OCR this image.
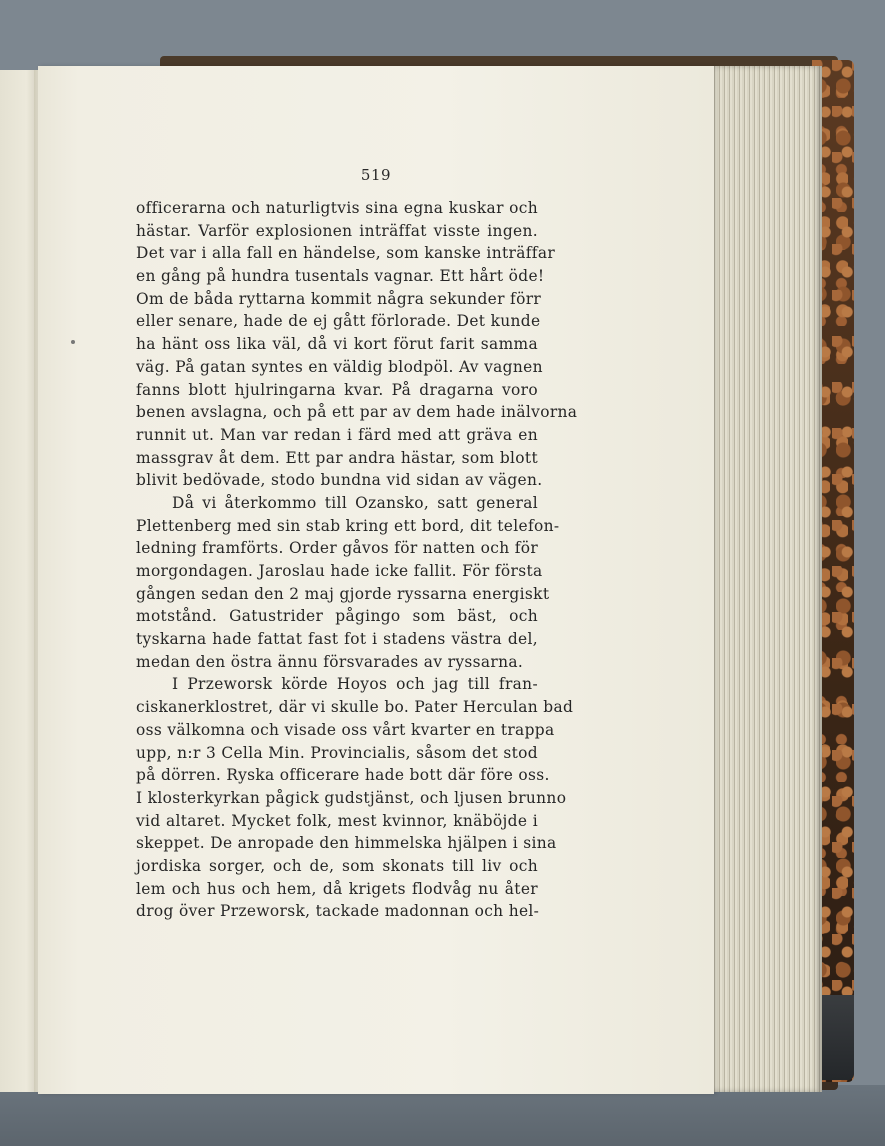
519
officerarna och naturligtvis sina egna kuskar och
hästar. Varför explosionen inträffat visste ingen.
Det var i alla fall en händelse, som kanske inträffar
en gång på hundra tusentals vagnar. Ett hårt öde!
Om de båda ryttarna kommit några sekunder förr
eller senare, hade de ej gått förlorade. Det kunde
ha hänt oss lika väl, då vi kort förut farit samma
väg. På gatan syntes en väldig blodpöl. Av vagnen
fanns blott hjulringarna kvar. På dragarna voro
benen avslagna, och på ett par av dem hade inälvorna
runnit ut. Man var redan i färd med att gräva en
massgrav åt dem. Ett par andra hästar, som blott
blivit bedövade, stodo bundna vid sidan av vägen.
Då vi återkommo till Ozansko, satt general
Plettenberg med sin stab kring ett bord, dit telefon-
ledning framförts. Order gåvos för natten och för
morgondagen. Jaroslau hade icke fallit. För första
gången sedan den 2 maj gjorde ryssarna energiskt
motstånd. Gatustrider pågingo som bäst, och
tyskarna hade fattat fast fot i stadens västra del,
medan den östra ännu försvarades av ryssarna.
I Przeworsk körde Hoyos och jag till fran-
ciskanerklostret, där vi skulle bo. Pater Herculan bad
oss välkomna och visade oss vårt kvarter en trappa
upp, n:r 3 Cella Min. Provincialis, såsom det stod
på dörren. Ryska officerare hade bott där före oss.
I klosterkyrkan pågick gudstjänst, och ljusen brunno
vid altaret. Mycket folk, mest kvinnor, knäböjde i
skeppet. De anropade den himmelska hjälpen i sina
jordiska sorger, och de, som skonats till liv och
lem och hus och hem, då krigets flodvåg nu åter
drog över Przeworsk, tackade madonnan och hel-
